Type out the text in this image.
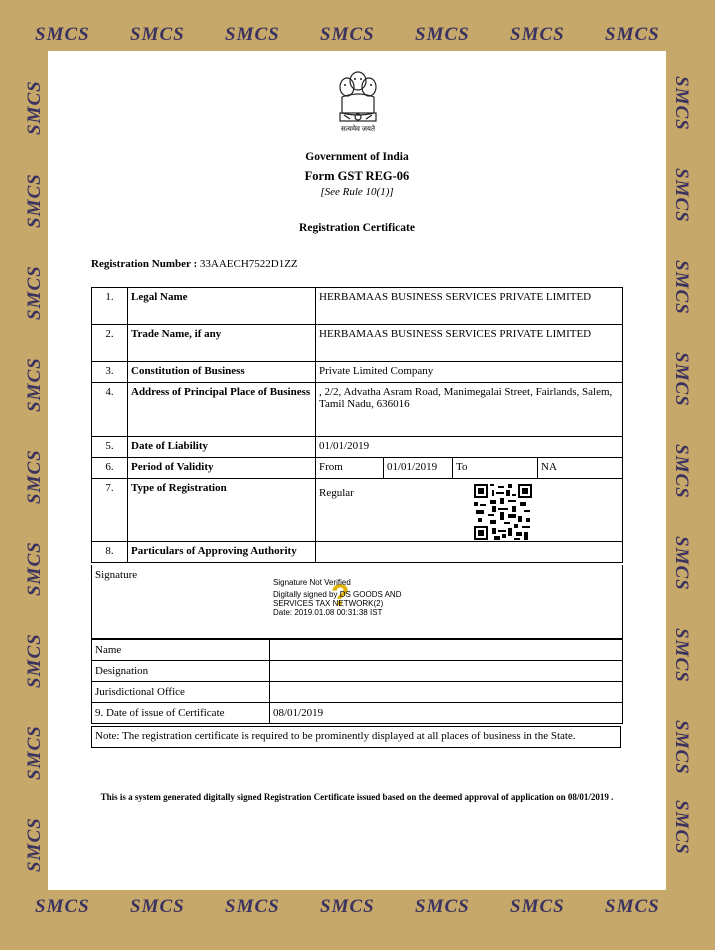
SMCS SMCS SMCS SMCS SMCS SMCS SMCS
SMCS SMCS SMCS SMCS SMCS SMCS SMCS
SMCS
SMCS
SMCS
SMCS
SMCS
SMCS
SMCS
SMCS
SMCS
SMCS
SMCS
SMCS
SMCS
SMCS
SMCS
SMCS
SMCS
SMCS
सत्यमेव जयते
Government of India
Form GST REG-06
[See Rule 10(1)]
Registration Certificate
Registration Number : 33AAECH7522D1ZZ
1.	Legal Name	HERBAMAAS BUSINESS SERVICES PRIVATE LIMITED			
2.	Trade Name, if any	HERBAMAAS BUSINESS SERVICES PRIVATE LIMITED			
3.	Constitution of Business	Private Limited Company			
4.	Address of Principal Place of Business	, 2/2, Advatha Asram Road, Manimegalai Street, Fairlands, Salem, Tamil Nadu, 636016			
5.	Date of Liability	01/01/2019			
6.	Period of Validity	From	01/01/2019	To	NA
7.	Type of Registration	Regular			
8.	Particulars of Approving Authority				
Signature
?
Signature Not Verified
Digitally signed by DS GOODS AND
SERVICES TAX NETWORK(2)
Date: 2019.01.08 00:31:38 IST
Name	
Designation	
Jurisdictional Office	
9. Date of issue of Certificate	08/01/2019
Note: The registration certificate is required to be prominently displayed at all places of business in the State.
This is a system generated digitally signed Registration Certificate issued based on the deemed approval of application on 08/01/2019 .
